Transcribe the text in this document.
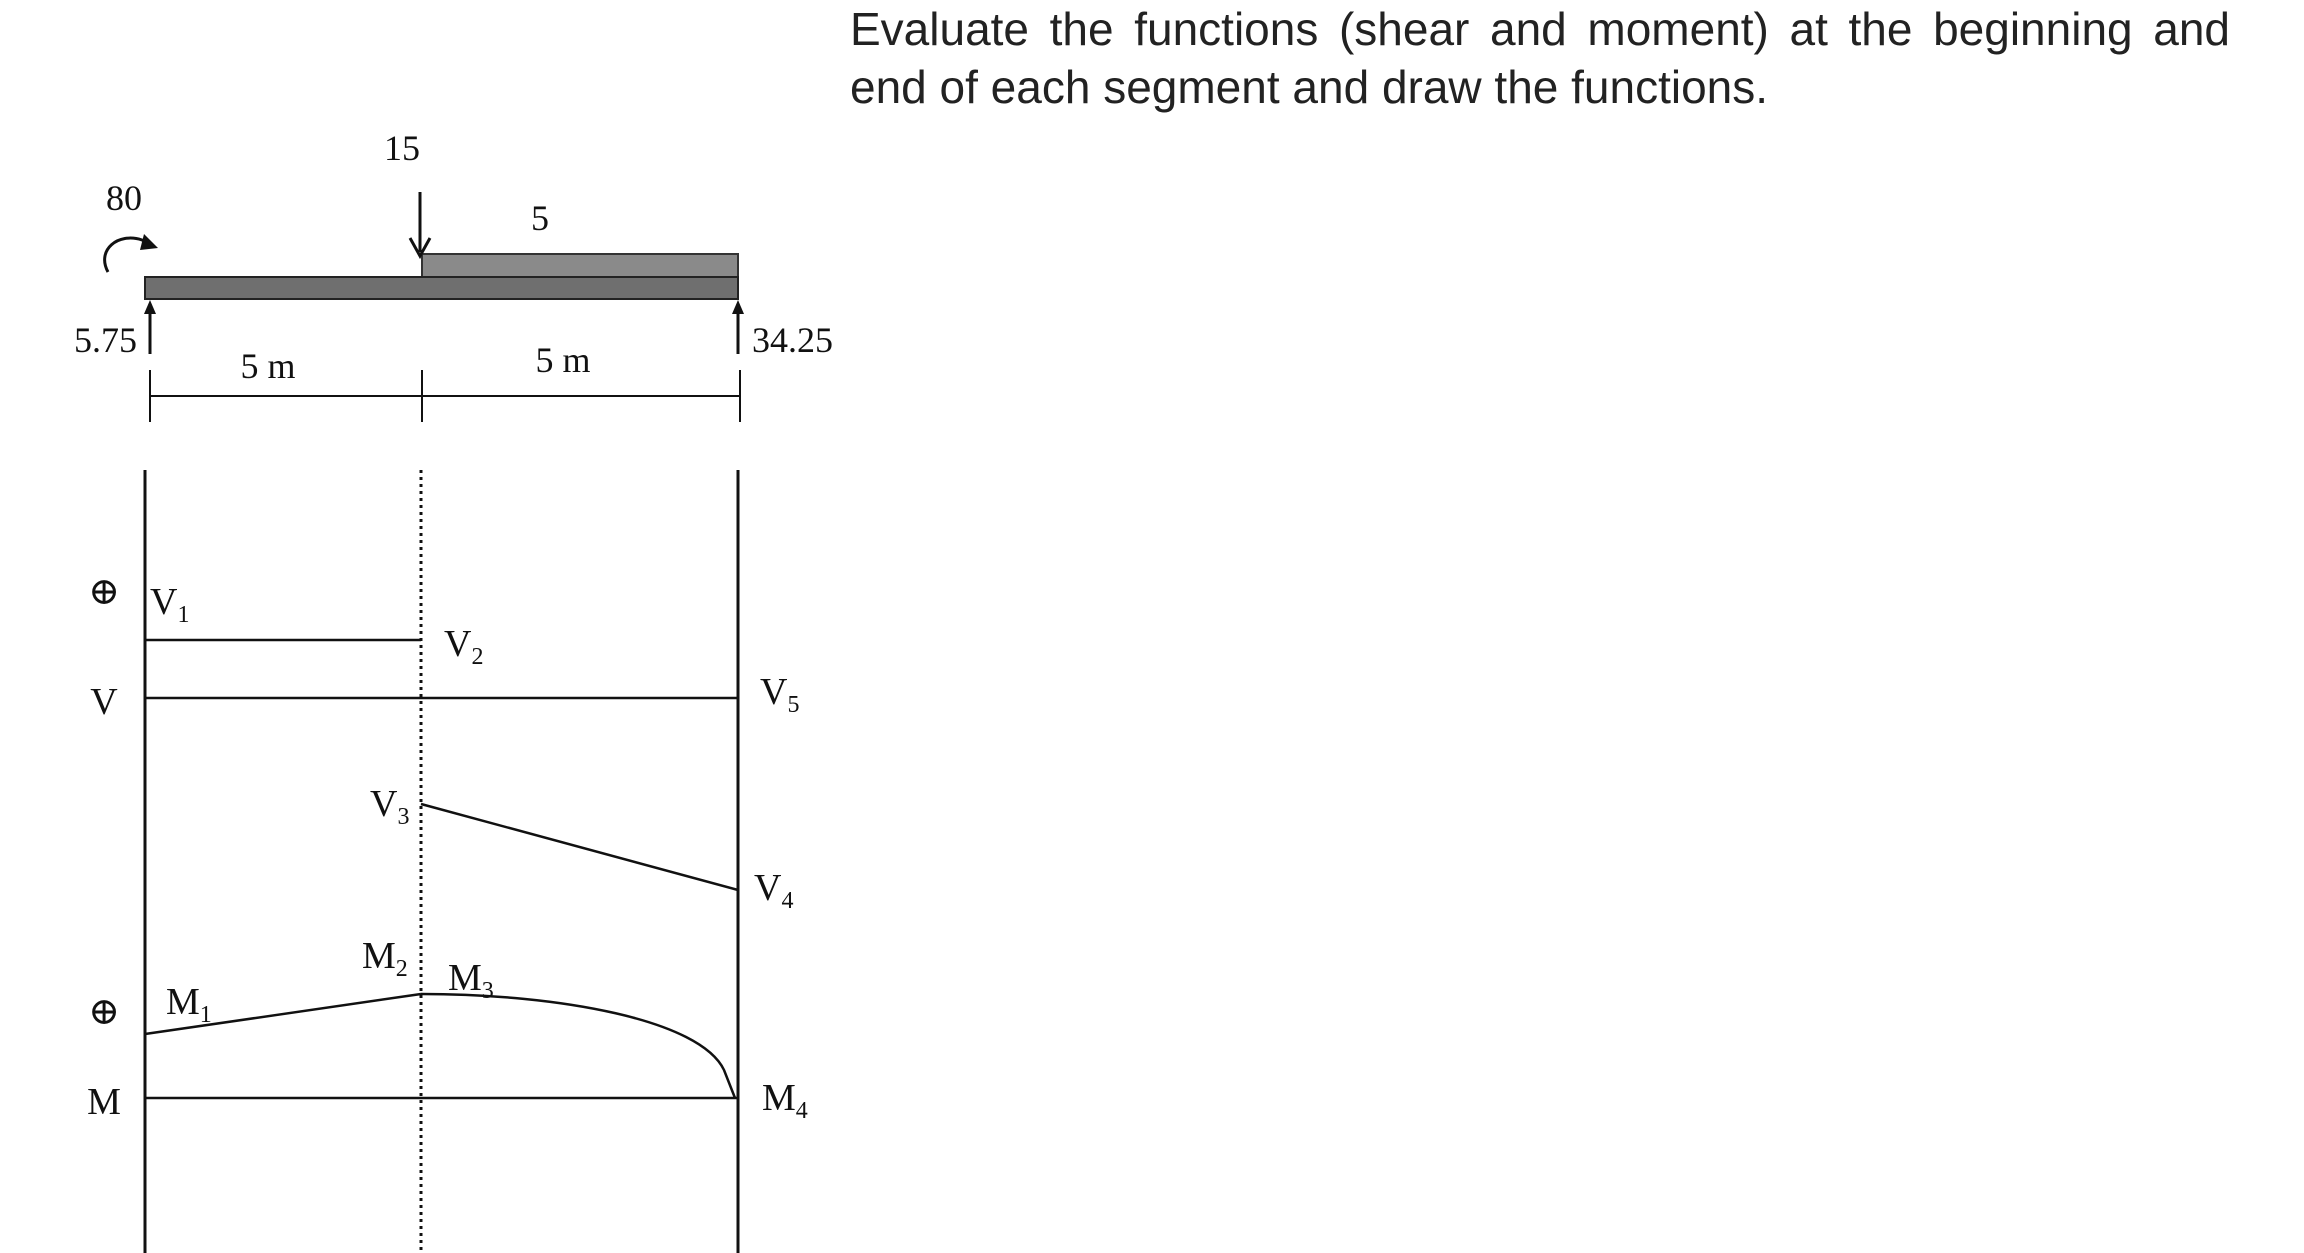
Evaluate the functions (shear and moment) at the beginning and end of each segment and draw the functions.

80
15
5
5.75	34.25
5 m	5 m
⊕
V
$V_1$
$V_2$
$V_3$
$V_4$
$V_5$
⊕
M
$M_1$
$M_2$ $M_3$
$M_4$
